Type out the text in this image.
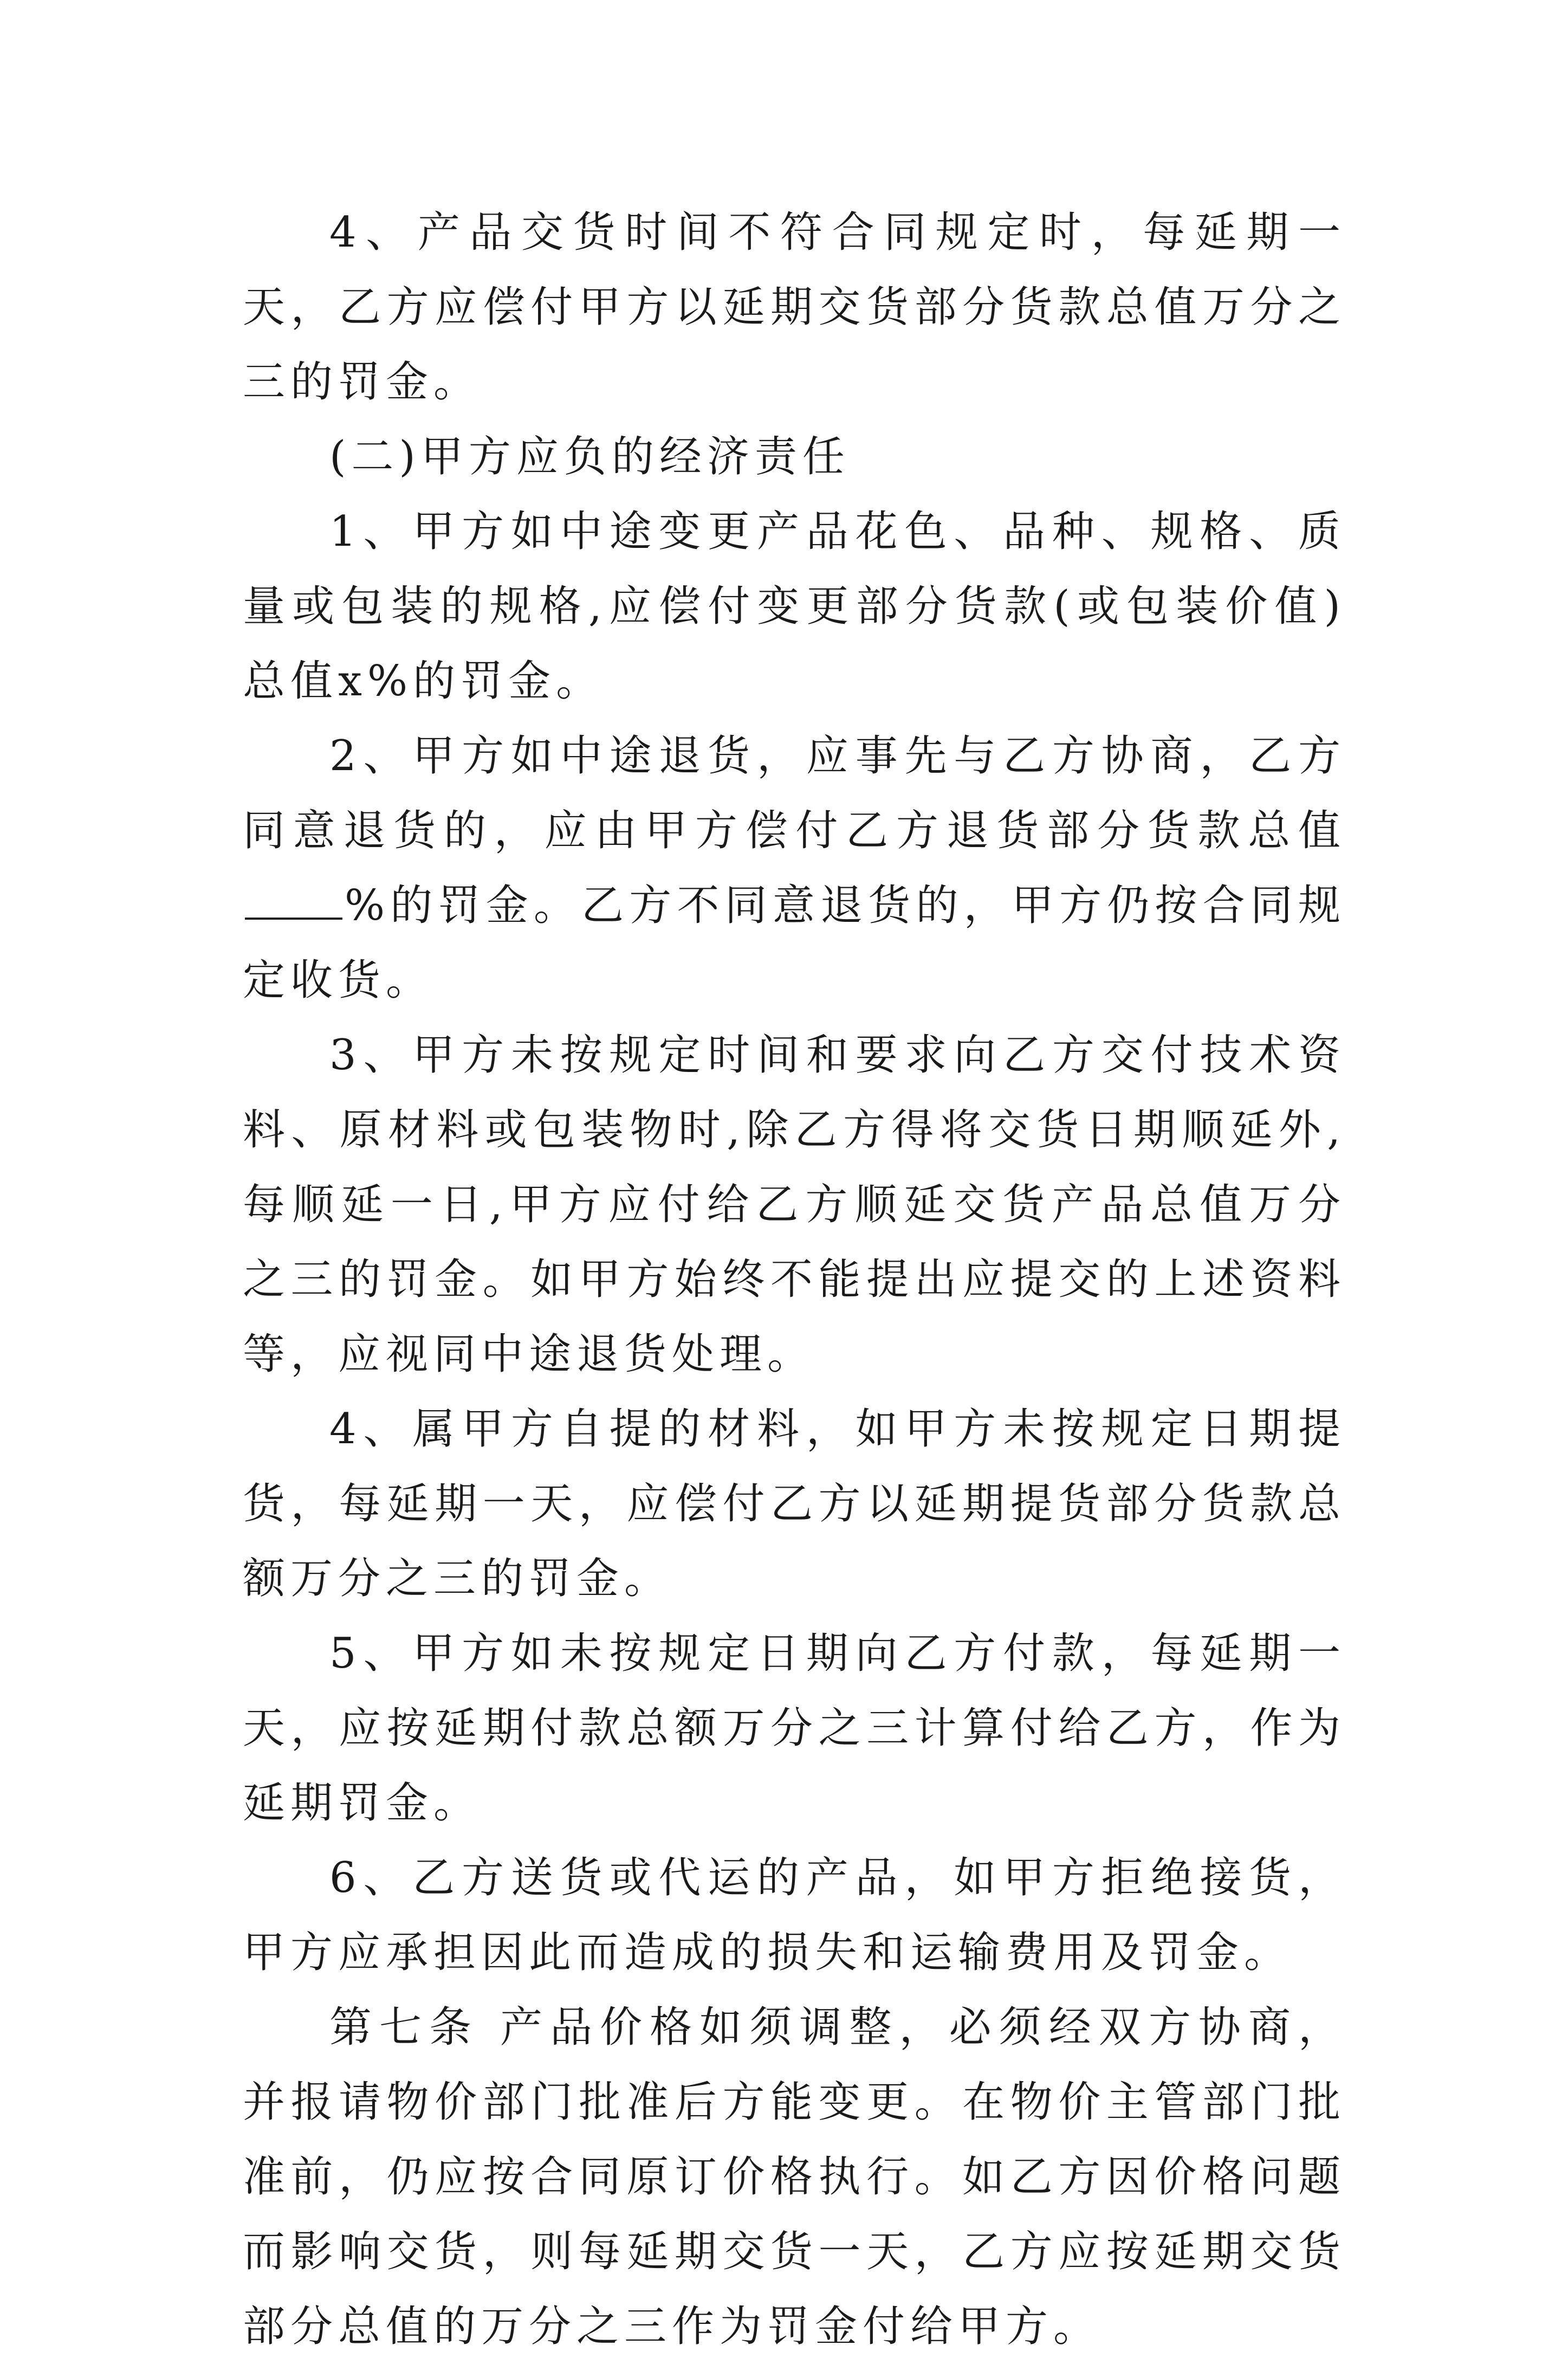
4、产品交货时间不符合同规定时，每延期一天，乙方应偿付甲方以延期交货部分货款总值万分之三的罚金。

(二)甲方应负的经济责任

1、甲方如中途变更产品花色、品种、规格、质量或包装的规格,应偿付变更部分货款(或包装价值)总值x%的罚金。

2、甲方如中途退货，应事先与乙方协商，乙方同意退货的，应由甲方偿付乙方退货部分货款总值%的罚金。乙方不同意退货的，甲方仍按合同规定收货。

3、甲方未按规定时间和要求向乙方交付技术资料、原材料或包装物时,除乙方得将交货日期顺延外,每顺延一日,甲方应付给乙方顺延交货产品总值万分之三的罚金。如甲方始终不能提出应提交的上述资料等，应视同中途退货处理。

4、属甲方自提的材料，如甲方未按规定日期提货，每延期一天，应偿付乙方以延期提货部分货款总额万分之三的罚金。

5、甲方如未按规定日期向乙方付款，每延期一天，应按延期付款总额万分之三计算付给乙方，作为延期罚金。

6、乙方送货或代运的产品，如甲方拒绝接货，甲方应承担因此而造成的损失和运输费用及罚金。

第七条 产品价格如须调整，必须经双方协商，并报请物价部门批准后方能变更。在物价主管部门批准前，仍应按合同原订价格执行。如乙方因价格问题而影响交货，则每延期交货一天，乙方应按延期交货部分总值的万分之三作为罚金付给甲方。
